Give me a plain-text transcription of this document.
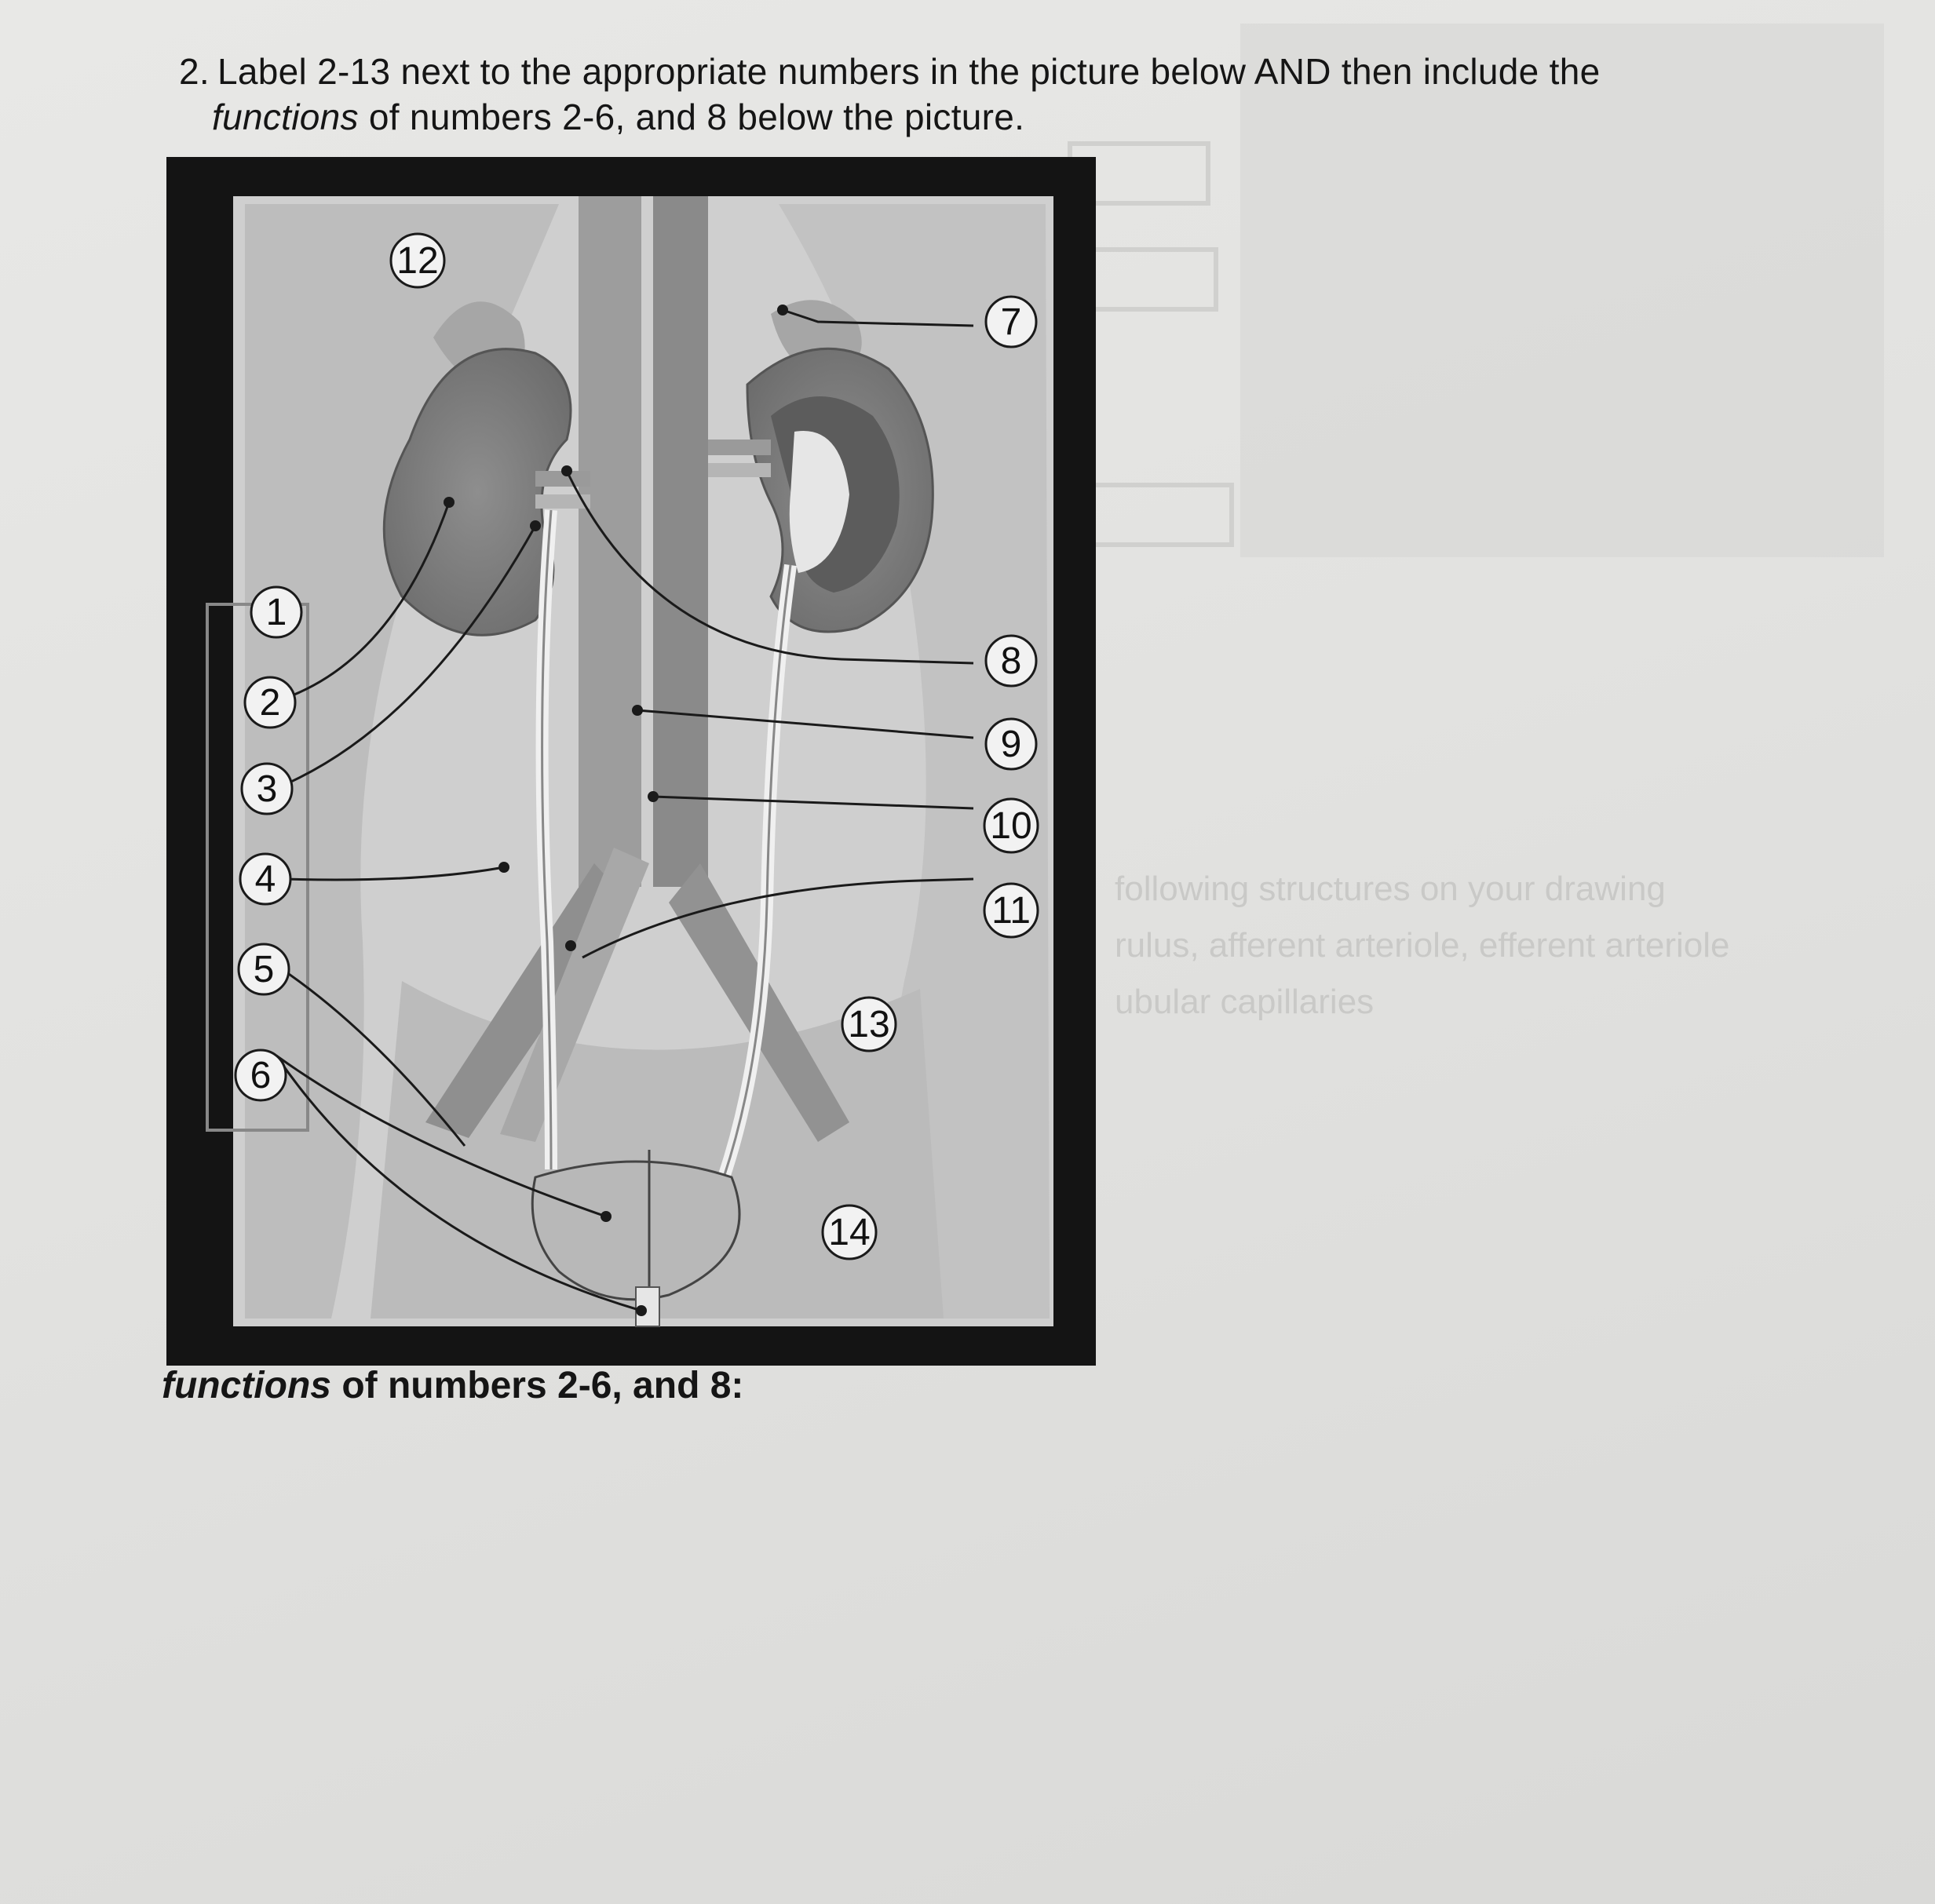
following structures on your drawing
rulus, afferent arteriole, efferent arteriole
ubular capillaries
2. Label 2-13 next to the appropriate numbers in the picture below AND then include the
functions of numbers 2-6, and 8 below the picture.
1
2
3
4
5
6
7
8
9
10
11
12
13
14
functions of numbers 2-6, and 8:
